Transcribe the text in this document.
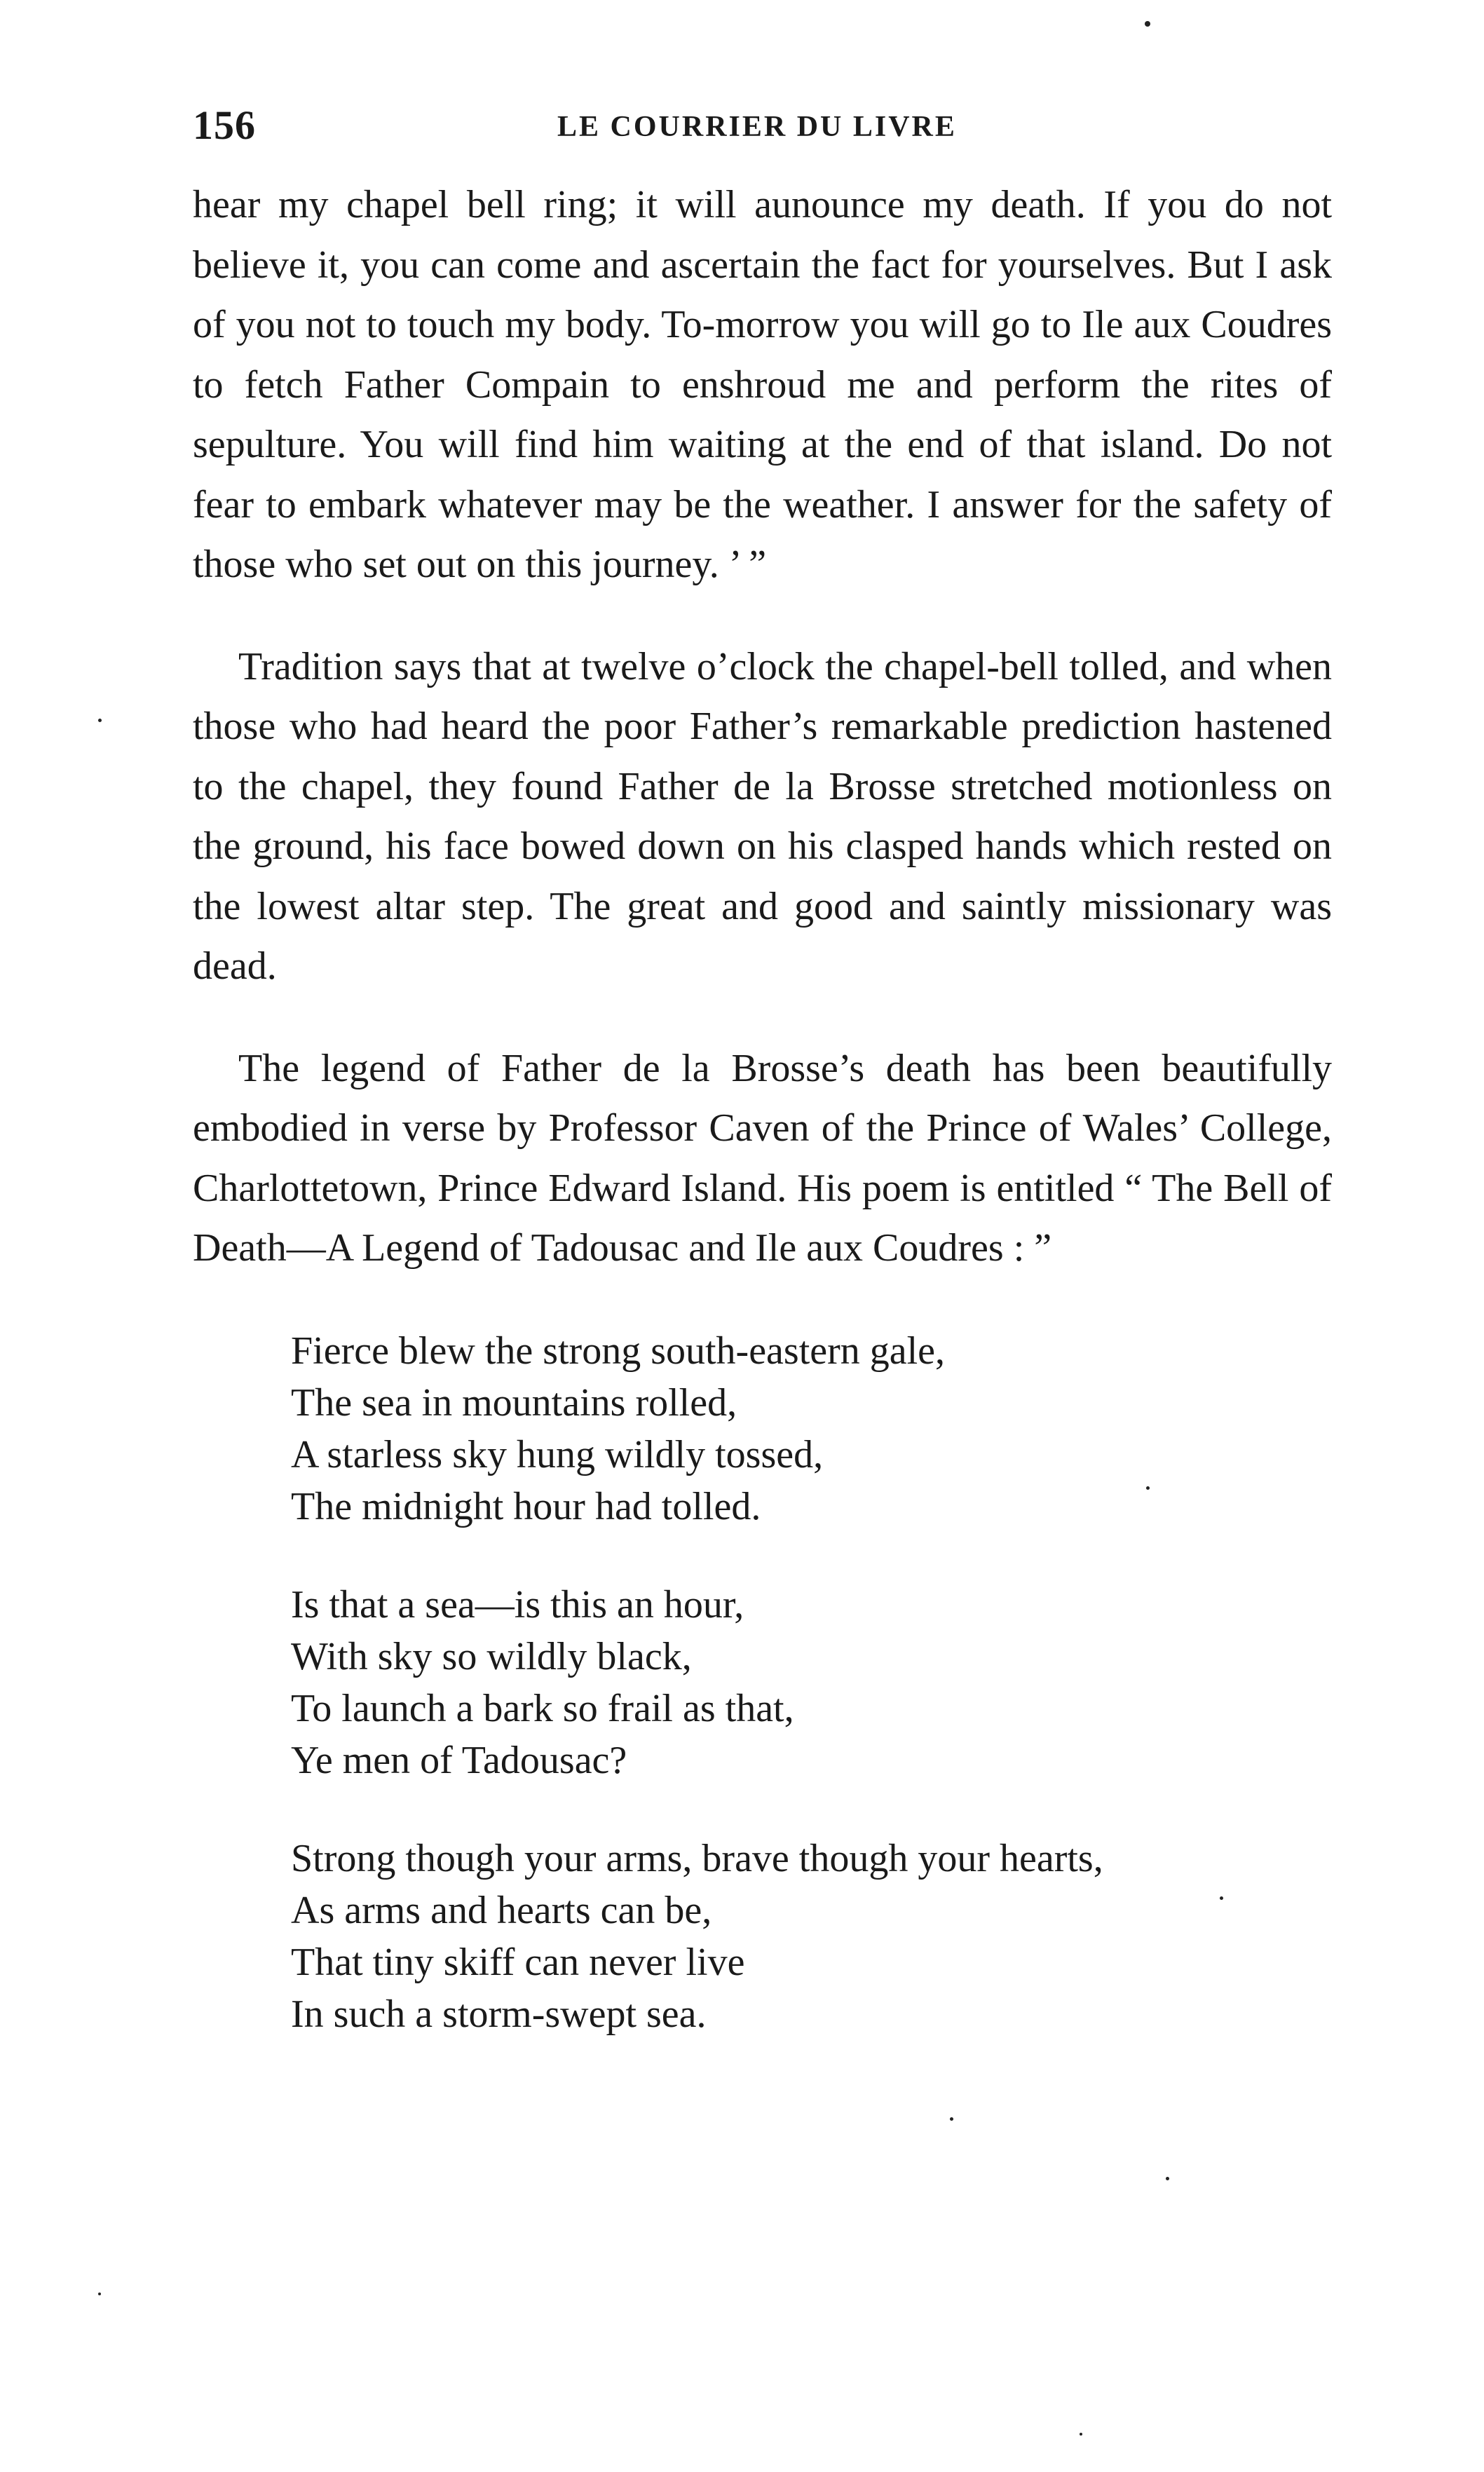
156	LE COURRIER DU LIVRE

hear my chapel bell ring; it will aunounce my death. If you do not believe it, you can come and ascertain the fact for yourselves. But I ask of you not to touch my body. To-morrow you will go to Ile aux Coudres to fetch Father Compain to enshroud me and perform the rites of sepulture. You will find him waiting at the end of that island. Do not fear to embark whatever may be the weather. I answer for the safety of those who set out on this journey. ’ ”

Tradition says that at twelve o’clock the chapel-bell tolled, and when those who had heard the poor Father’s remarkable prediction hastened to the chapel, they found Father de la Brosse stretched motionless on the ground, his face bowed down on his clasped hands which rested on the lowest altar step. The great and good and saintly missionary was dead.

The legend of Father de la Brosse’s death has been beautifully embodied in verse by Professor Caven of the Prince of Wales’ College, Charlottetown, Prince Edward Island. His poem is entitled “ The Bell of Death—A Legend of Tadousac and Ile aux Coudres : ”

Fierce blew the strong south-eastern gale,
The sea in mountains rolled,
A starless sky hung wildly tossed,
The midnight hour had tolled.
Is that a sea—is this an hour,
With sky so wildly black,
To launch a bark so frail as that,
Ye men of Tadousac?
Strong though your arms, brave though your hearts,
As arms and hearts can be,
That tiny skiff can never live
In such a storm-swept sea.
